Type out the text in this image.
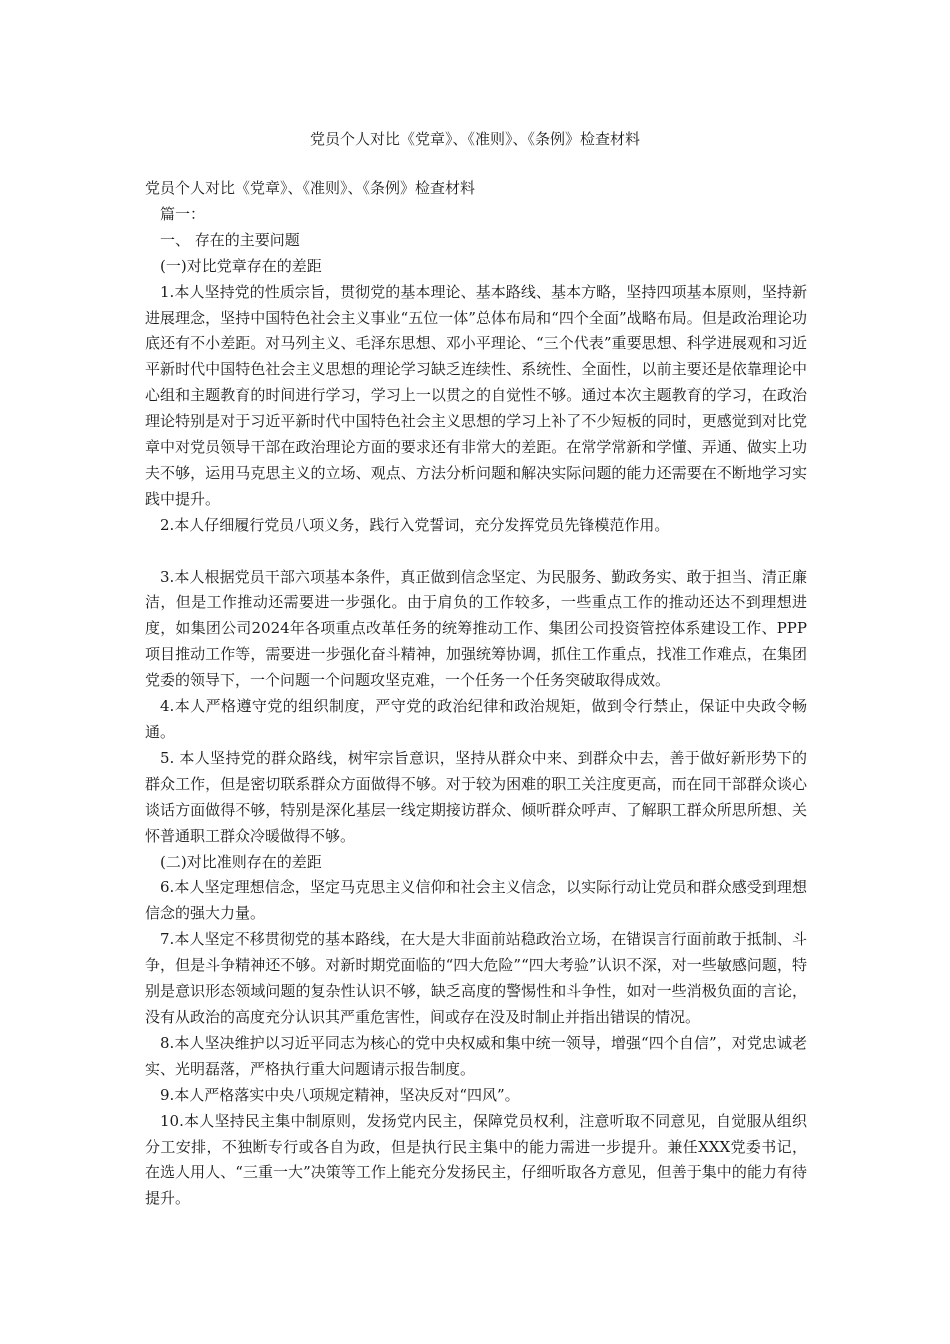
党员个人对比《党章》、《准则》、《条例》检查材料

党员个人对比《党章》、《准则》、《条例》检查材料

篇一：

一、 存在的主要问题

(一)对比党章存在的差距

1.本人坚持党的性质宗旨，贯彻党的基本理论、基本路线、基本方略，坚持四项基本原则，坚持新进展理念，坚持中国特色社会主义事业“五位一体”总体布局和“四个全面”战略布局。但是政治理论功底还有不小差距。对马列主义、毛泽东思想、邓小平理论、“三个代表”重要思想、科学进展观和习近平新时代中国特色社会主义思想的理论学习缺乏连续性、系统性、全面性，以前主要还是依靠理论中心组和主题教育的时间进行学习，学习上一以贯之的自觉性不够。通过本次主题教育的学习，在政治理论特别是对于习近平新时代中国特色社会主义思想的学习上补了不少短板的同时，更感觉到对比党章中对党员领导干部在政治理论方面的要求还有非常大的差距。在常学常新和学懂、弄通、做实上功夫不够，运用马克思主义的立场、观点、方法分析问题和解决实际问题的能力还需要在不断地学习实践中提升。

2.本人仔细履行党员八项义务，践行入党誓词，充分发挥党员先锋模范作用。

3.本人根据党员干部六项基本条件，真正做到信念坚定、为民服务、勤政务实、敢于担当、清正廉洁，但是工作推动还需要进一步强化。由于肩负的工作较多，一些重点工作的推动还达不到理想进度，如集团公司2024年各项重点改革任务的统筹推动工作、集团公司投资管控体系建设工作、PPP项目推动工作等，需要进一步强化奋斗精神，加强统筹协调，抓住工作重点，找准工作难点，在集团党委的领导下，一个问题一个问题攻坚克难，一个任务一个任务突破取得成效。

4.本人严格遵守党的组织制度，严守党的政治纪律和政治规矩，做到令行禁止，保证中央政令畅通。

5. 本人坚持党的群众路线，树牢宗旨意识，坚持从群众中来、到群众中去，善于做好新形势下的群众工作，但是密切联系群众方面做得不够。对于较为困难的职工关注度更高，而在同干部群众谈心谈话方面做得不够，特别是深化基层一线定期接访群众、倾听群众呼声、了解职工群众所思所想、关怀普通职工群众冷暖做得不够。

(二)对比准则存在的差距

6.本人坚定理想信念，坚定马克思主义信仰和社会主义信念，以实际行动让党员和群众感受到理想信念的强大力量。

7.本人坚定不移贯彻党的基本路线，在大是大非面前站稳政治立场，在错误言行面前敢于抵制、斗争，但是斗争精神还不够。对新时期党面临的“四大危险”“四大考验”认识不深，对一些敏感问题，特别是意识形态领域问题的复杂性认识不够，缺乏高度的警惕性和斗争性，如对一些消极负面的言论，没有从政治的高度充分认识其严重危害性，间或存在没及时制止并指出错误的情况。

8.本人坚决维护以习近平同志为核心的党中央权威和集中统一领导，增强“四个自信”，对党忠诚老实、光明磊落，严格执行重大问题请示报告制度。

9.本人严格落实中央八项规定精神，坚决反对“四风”。

10.本人坚持民主集中制原则，发扬党内民主，保障党员权利，注意听取不同意见，自觉服从组织分工安排，不独断专行或各自为政，但是执行民主集中的能力需进一步提升。兼任XXX党委书记，在选人用人、“三重一大”决策等工作上能充分发扬民主，仔细听取各方意见，但善于集中的能力有待提升。
